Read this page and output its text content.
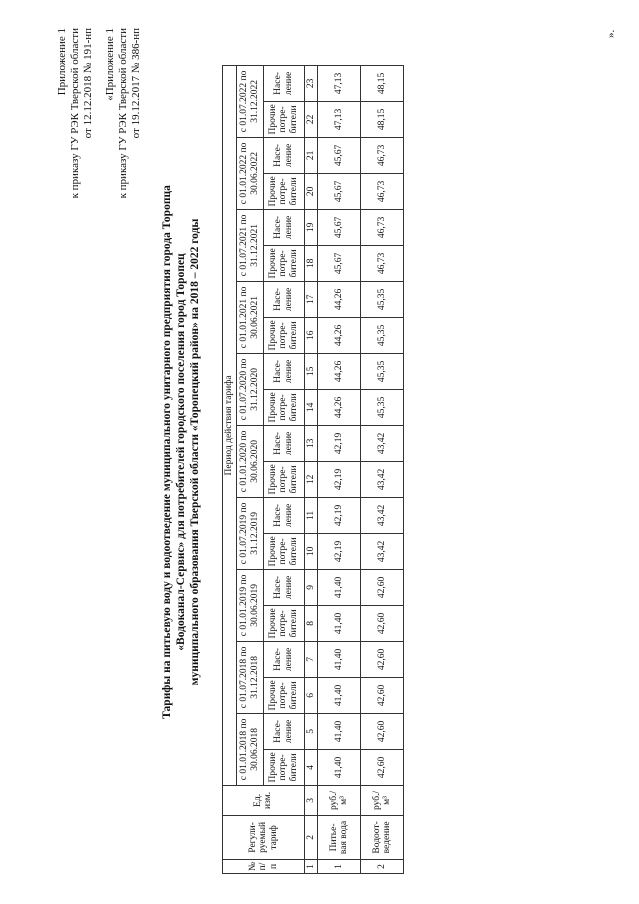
Приложение 1 к приказу ГУ РЭК Тверской области от 12.12.2018 № 191-нп «Приложение 1 к приказу ГУ РЭК Тверской области от 19.12.2017 № 386-нп
Тарифы на питьевую воду и водоотведение муниципального унитарного предприятия города Торопца «Водоканал-Сервис» для потребителей городского поселения город Торопец муниципального образования Тверской области «Торопецкий район» на 2018 – 2022 годы
№ п/п	Регули-руемый тариф	Ед. изм.	Период действия тарифа																			
			с 01.01.2018 по 30.06.2018		с 01.07.2018 по 31.12.2018		с 01.01.2019 по 30.06.2019		с 01.07.2019 по 31.12.2019		с 01.01.2020 по 30.06.2020		с 01.07.2020 по 31.12.2020		с 01.01.2021 по 30.06.2021		с 01.07.2021 по 31.12.2021		с 01.01.2022 по 30.06.2022		с 01.07.2022 по 31.12.2022	
			Прочие потре-бители	Насе-ление	Прочие потре-бители	Насе-ление	Прочие потре-бители	Насе-ление	Прочие потре-бители	Насе-ление	Прочие потре-бители	Насе-ление	Прочие потре-бители	Насе-ление	Прочие потре-бители	Насе-ление	Прочие потре-бители	Насе-ление	Прочие потре-бители	Насе-ление	Прочие потре-бители	Насе-ление
1	2	3	4	5	6	7	8	9	10	11	12	13	14	15	16	17	18	19	20	21	22	23
1	Питье-вая вода	руб./м³	41,40	41,40	41,40	41,40	41,40	41,40	42,19	42,19	42,19	42,19	44,26	44,26	44,26	44,26	45,67	45,67	45,67	45,67	47,13	47,13
2	Водоот-ведение	руб./м³	42,60	42,60	42,60	42,60	42,60	42,60	43,42	43,42	43,42	43,42	45,35	45,35	45,35	45,35	46,73	46,73	46,73	46,73	48,15	48,15
».
